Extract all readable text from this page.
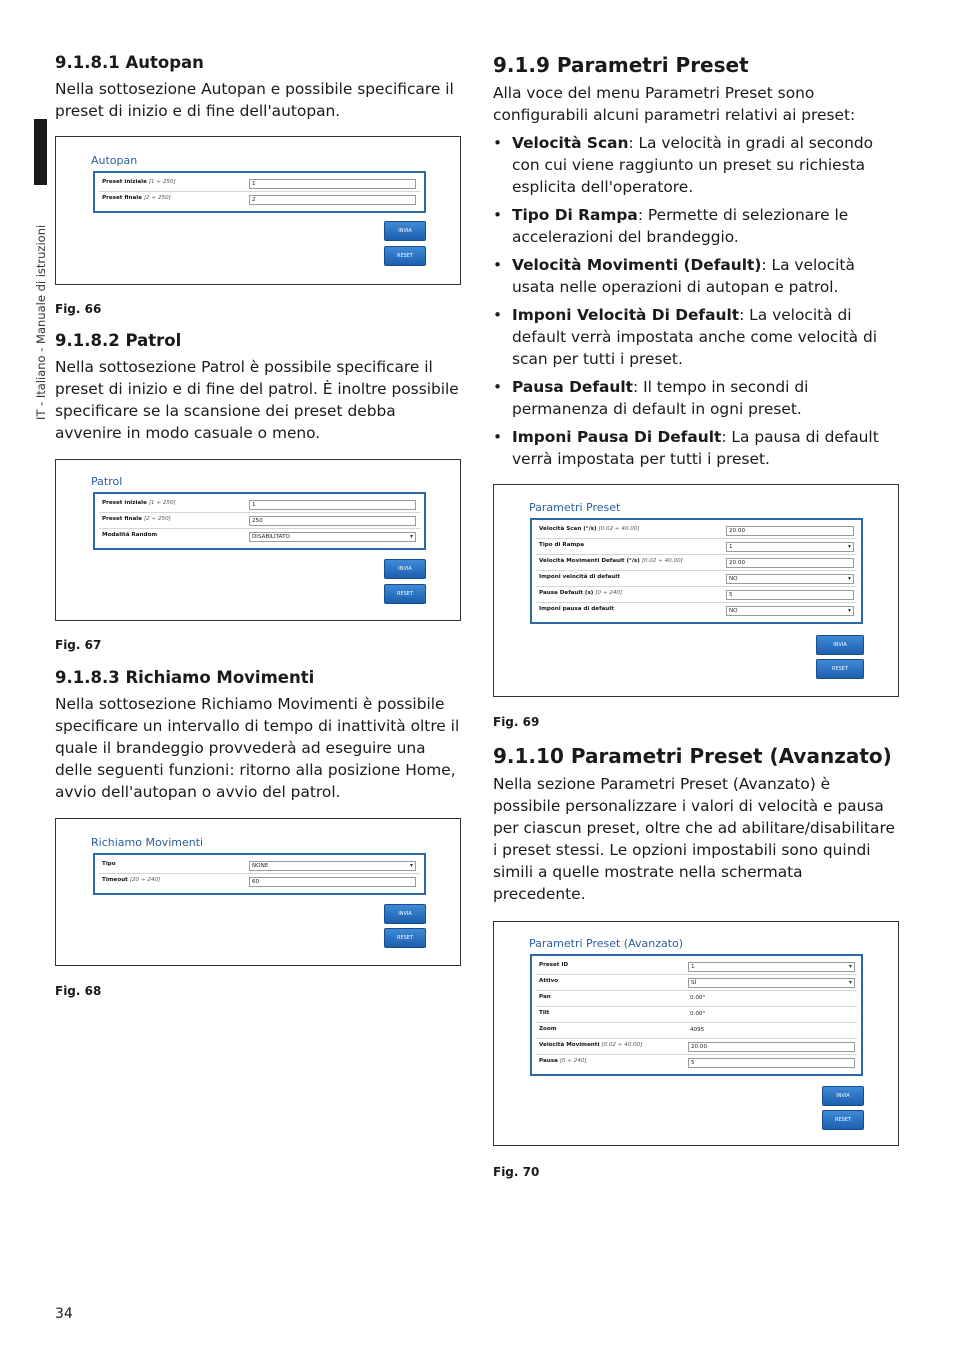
IT - Italiano - Manuale di istruzioni
9.1.8.1 Autopan

Nella sottosezione Autopan e possibile specificare il preset di inizio e di fine dell'autopan.

Autopan
Preset iniziale [1 ÷ 250]	1
Preset finale [2 ÷ 250]	2
INVIA
RESET
Fig. 66
9.1.8.2 Patrol

Nella sottosezione Patrol è possibile specificare il preset di inizio e di fine del patrol. È inoltre possibile specificare se la scansione dei preset debba avvenire in modo casuale o meno.

Patrol
Preset iniziale [1 ÷ 250]	1
Preset finale [2 ÷ 250]	250
Modalità Random	DISABILITATO ▾
INVIA
RESET
Fig. 67
9.1.8.3 Richiamo Movimenti

Nella sottosezione Richiamo Movimenti è possibile specificare un intervallo di tempo di inattività oltre il quale il brandeggio provvederà ad eseguire una delle seguenti funzioni: ritorno alla posizione Home, avvio dell'autopan o avvio del patrol.

Richiamo Movimenti
Tipo	NONE ▾
Timeout [20 ÷ 240]	60
INVIA
RESET
Fig. 68
9.1.9 Parametri Preset

Alla voce del menu Parametri Preset sono configurabili alcuni parametri relativi ai preset:

• Velocità Scan: La velocità in gradi al secondo con cui viene raggiunto un preset su richiesta esplicita dell'operatore.
• Tipo Di Rampa: Permette di selezionare le accelerazioni del brandeggio.
• Velocità Movimenti (Default): La velocità usata nelle operazioni di autopan e patrol.
• Imponi Velocità Di Default: La velocità di default verrà impostata anche come velocità di scan per tutti i preset.
• Pausa Default: Il tempo in secondi di permanenza di default in ogni preset.
• Imponi Pausa Di Default: La pausa di default verrà impostata per tutti i preset.
Parametri Preset
Velocità Scan (°/s) [0.02 ÷ 40.00]	20.00
Tipo di Rampa	1 ▾
Velocità Movimenti Default (°/s) [0.02 ÷ 40.00]	20.00
Imponi velocità di default	NO ▾
Pausa Default (s) [0 ÷ 240]	5
Imponi pausa di default	NO ▾
INVIA
RESET
Fig. 69
9.1.10 Parametri Preset (Avanzato)

Nella sezione Parametri Preset (Avanzato) è possibile personalizzare i valori di velocità e pausa per ciascun preset, oltre che ad abilitare/disabilitare i preset stessi. Le opzioni impostabili sono quindi simili a quelle mostrate nella schermata precedente.

Parametri Preset (Avanzato)
Preset ID	1 ▾
Attivo	SÌ ▾
Pan	0.00°
Tilt	0.00°
Zoom	4095
Velocità Movimenti [0.02 ÷ 40.00]	20.00
Pausa [0 ÷ 240]	5
INVIA
RESET
Fig. 70
34
